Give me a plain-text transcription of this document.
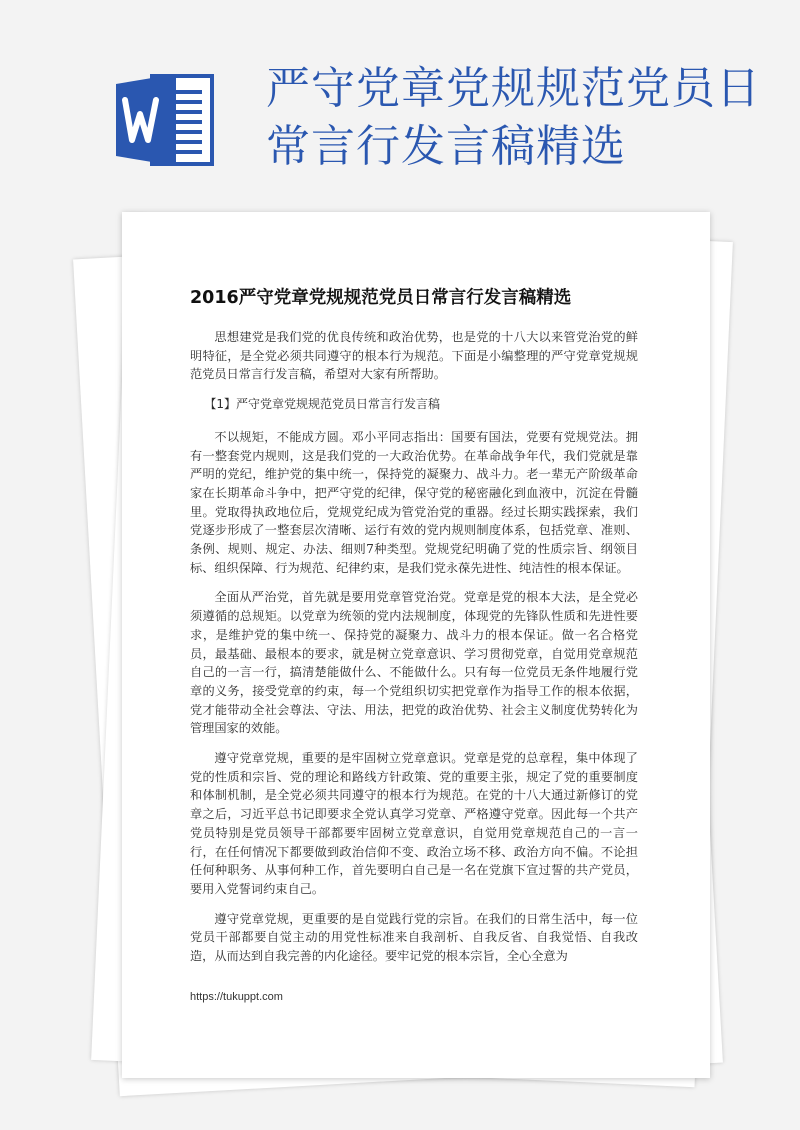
严守党章党规规范党员日常言行发言稿精选
2016严守党章党规规范党员日常言行发言稿精选

思想建党是我们党的优良传统和政治优势，也是党的十八大以来管党治党的鲜明特征，是全党必须共同遵守的根本行为规范。下面是小编整理的严守党章党规规范党员日常言行发言稿，希望对大家有所帮助。

【1】严守党章党规规范党员日常言行发言稿

不以规矩，不能成方圆。邓小平同志指出：国要有国法，党要有党规党法。拥有一整套党内规则，这是我们党的一大政治优势。在革命战争年代，我们党就是靠严明的党纪，维护党的集中统一，保持党的凝聚力、战斗力。老一辈无产阶级革命家在长期革命斗争中，把严守党的纪律，保守党的秘密融化到血液中，沉淀在骨髓里。党取得执政地位后，党规党纪成为管党治党的重器。经过长期实践探索，我们党逐步形成了一整套层次清晰、运行有效的党内规则制度体系，包括党章、准则、条例、规则、规定、办法、细则7种类型。党规党纪明确了党的性质宗旨、纲领目标、组织保障、行为规范、纪律约束，是我们党永葆先进性、纯洁性的根本保证。

全面从严治党，首先就是要用党章管党治党。党章是党的根本大法，是全党必须遵循的总规矩。以党章为统领的党内法规制度，体现党的先锋队性质和先进性要求，是维护党的集中统一、保持党的凝聚力、战斗力的根本保证。做一名合格党员，最基础、最根本的要求，就是树立党章意识、学习贯彻党章，自觉用党章规范自己的一言一行，搞清楚能做什么、不能做什么。只有每一位党员无条件地履行党章的义务，接受党章的约束，每一个党组织切实把党章作为指导工作的根本依据，党才能带动全社会尊法、守法、用法，把党的政治优势、社会主义制度优势转化为管理国家的效能。

遵守党章党规，重要的是牢固树立党章意识。党章是党的总章程，集中体现了党的性质和宗旨、党的理论和路线方针政策、党的重要主张，规定了党的重要制度和体制机制，是全党必须共同遵守的根本行为规范。在党的十八大通过新修订的党章之后，习近平总书记即要求全党认真学习党章、严格遵守党章。因此每一个共产党员特别是党员领导干部都要牢固树立党章意识，自觉用党章规范自己的一言一行，在任何情况下都要做到政治信仰不变、政治立场不移、政治方向不偏。不论担任何种职务、从事何种工作，首先要明白自己是一名在党旗下宣过誓的共产党员，要用入党誓词约束自己。

遵守党章党规，更重要的是自觉践行党的宗旨。在我们的日常生活中，每一位党员干部都要自觉主动的用党性标准来自我剖析、自我反省、自我觉悟、自我改造，从而达到自我完善的内化途径。要牢记党的根本宗旨，全心全意为

https://tukuppt.com
